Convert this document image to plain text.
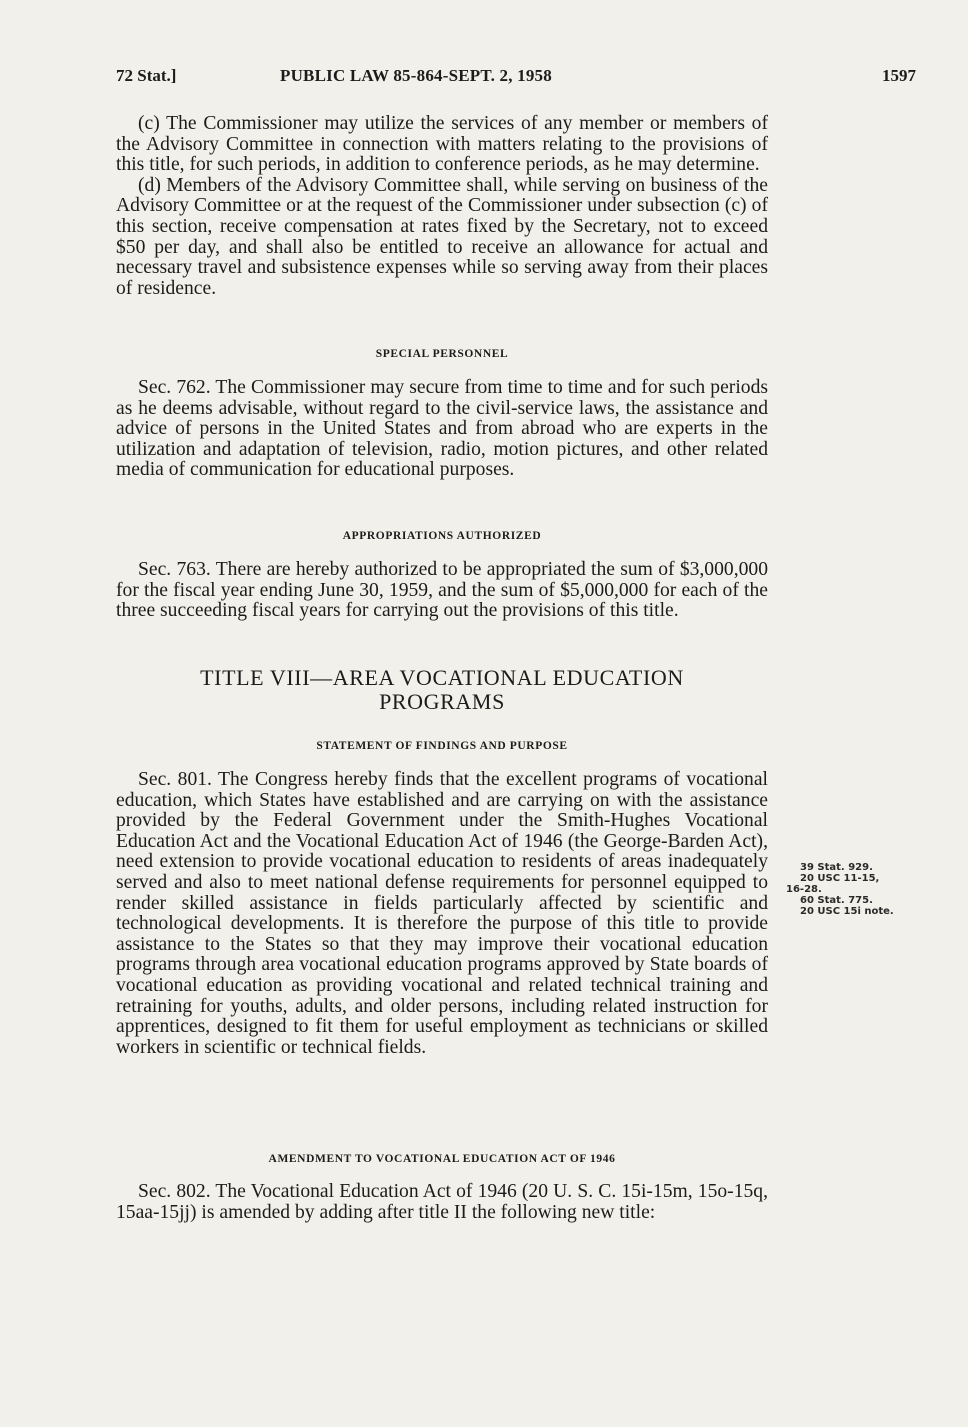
72 Stat.]	PUBLIC LAW 85-864-SEPT. 2, 1958	1597

(c) The Commissioner may utilize the services of any member or members of the Advisory Committee in connection with matters relating to the provisions of this title, for such periods, in addition to conference periods, as he may determine.

(d) Members of the Advisory Committee shall, while serving on business of the Advisory Committee or at the request of the Commissioner under subsection (c) of this section, receive compensation at rates fixed by the Secretary, not to exceed $50 per day, and shall also be entitled to receive an allowance for actual and necessary travel and subsistence expenses while so serving away from their places of residence.

SPECIAL PERSONNEL

Sec. 762. The Commissioner may secure from time to time and for such periods as he deems advisable, without regard to the civil-service laws, the assistance and advice of persons in the United States and from abroad who are experts in the utilization and adaptation of television, radio, motion pictures, and other related media of communication for educational purposes.

APPROPRIATIONS AUTHORIZED

Sec. 763. There are hereby authorized to be appropriated the sum of $3,000,000 for the fiscal year ending June 30, 1959, and the sum of $5,000,000 for each of the three succeeding fiscal years for carrying out the provisions of this title.

TITLE VIII—AREA VOCATIONAL EDUCATION
PROGRAMS
STATEMENT OF FINDINGS AND PURPOSE

Sec. 801. The Congress hereby finds that the excellent programs of vocational education, which States have established and are carrying on with the assistance provided by the Federal Government under the Smith-Hughes Vocational Education Act and the Vocational Education Act of 1946 (the George-Barden Act), need extension to provide vocational education to residents of areas inadequately served and also to meet national defense requirements for personnel equipped to render skilled assistance in fields particularly affected by scientific and technological developments. It is therefore the purpose of this title to provide assistance to the States so that they may improve their vocational education programs through area vocational education programs approved by State boards of vocational education as providing vocational and related technical training and retraining for youths, adults, and older persons, including related instruction for apprentices, designed to fit them for useful employment as technicians or skilled workers in scientific or technical fields.

AMENDMENT TO VOCATIONAL EDUCATION ACT OF 1946

Sec. 802. The Vocational Education Act of 1946 (20 U. S. C. 15i-15m, 15o-15q, 15aa-15jj) is amended by adding after title II the following new title:

39 Stat. 929.
20 USC 11-15,
16-28.
60 Stat. 775.
20 USC 15i note.
